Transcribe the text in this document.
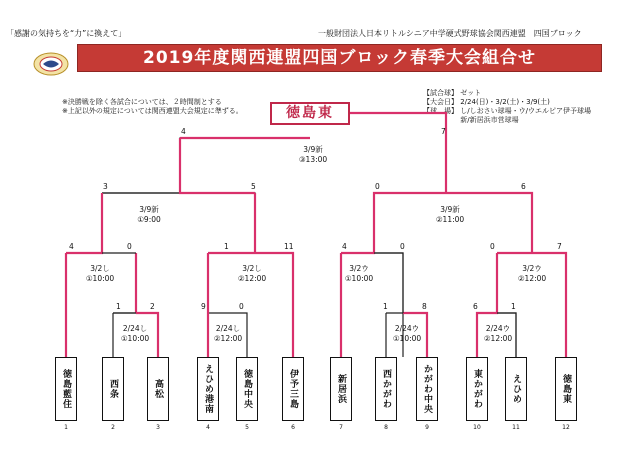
「感謝の気持ちを“力”に換えて」	一般財団法人日本リトルシニア中学硬式野球協会関西連盟　四国ブロック
2019年度関西連盟四国ブロック春季大会組合せ
※決勝戦を除く各試合については、２時間制とする
※上記以外の規定については関西連盟大会規定に準ずる。
【試合球】 ゼット
【大会日】 2/24(日)・3/2(土)・3/9(土)
【球　場】 し/しおさい球場・ウ/ウエルピア伊予球場
　　　　　 新/新居浜市営球場
徳島東
4	7
3	5	0	6
4	0	1	11	4	0	0	7
1	2	9	0	1	8	6	1
3/9新
③13:00
3/9新
①9:00
3/9新
②11:00
3/2し
①10:00
3/2し
②12:00
3/2ウ
①10:00
3/2ウ
②12:00
2/24し
①10:00
2/24し
②12:00
2/24ウ
①10:00
2/24ウ
②12:00
徳島藍住	西条	高松	えひめ港南	徳島中央	伊予三島	新居浜	西かがわ	かがわ中央	東かがわ	えひめ	徳島東
1	2	3	4	5	6	7	8	9	10	11	12
